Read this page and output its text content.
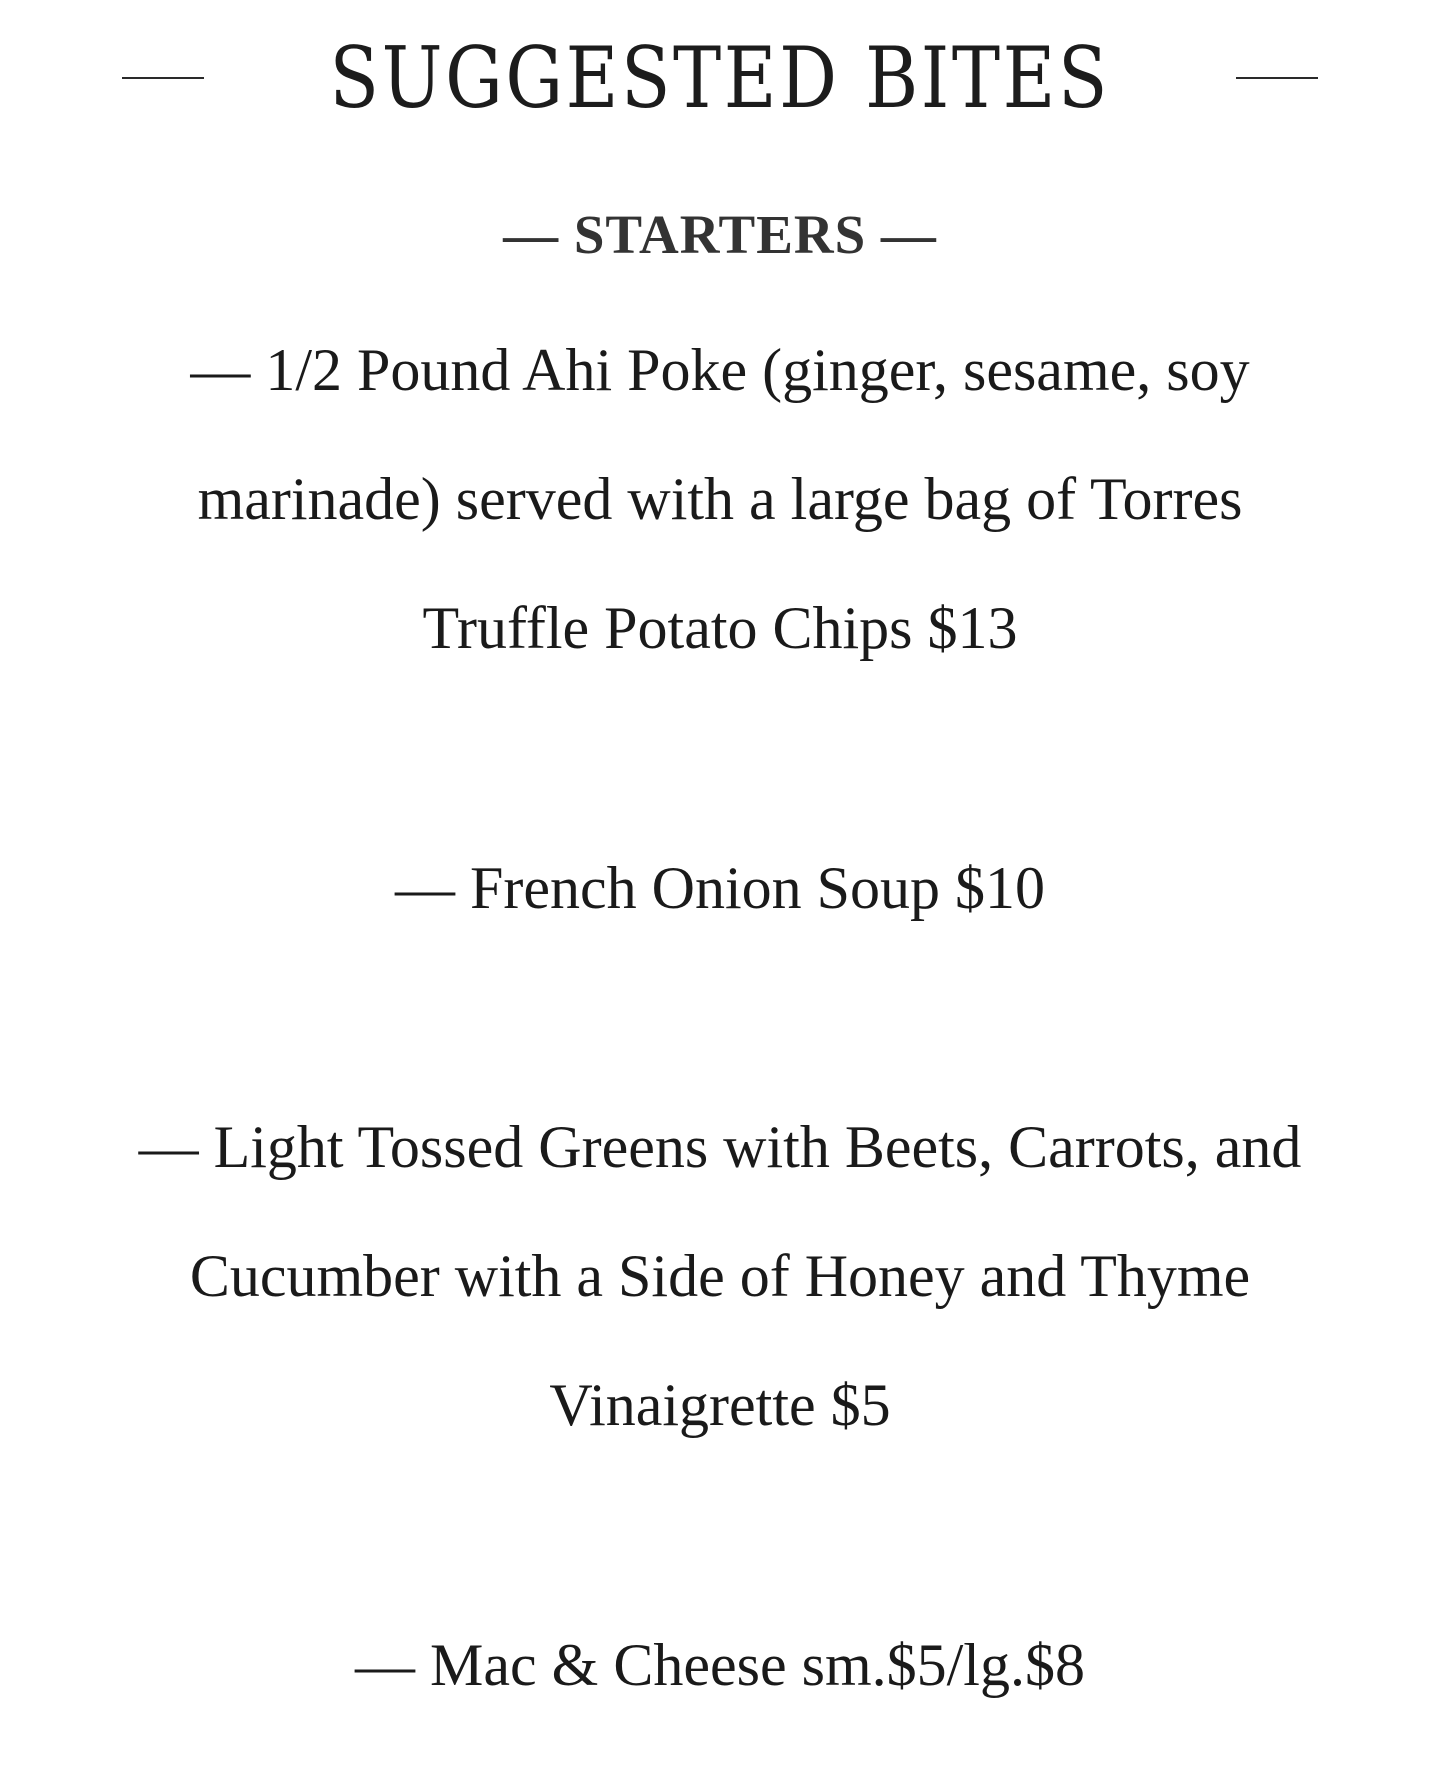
SUGGESTED BITES
— STARTERS —
— 1/2 Pound Ahi Poke (ginger, sesame, soy marinade) served with a large bag of Torres Truffle Potato Chips $13
— French Onion Soup $10
— Light Tossed Greens with Beets, Carrots, and Cucumber with a Side of Honey and Thyme Vinaigrette $5
— Mac & Cheese sm.$5/lg.$8
